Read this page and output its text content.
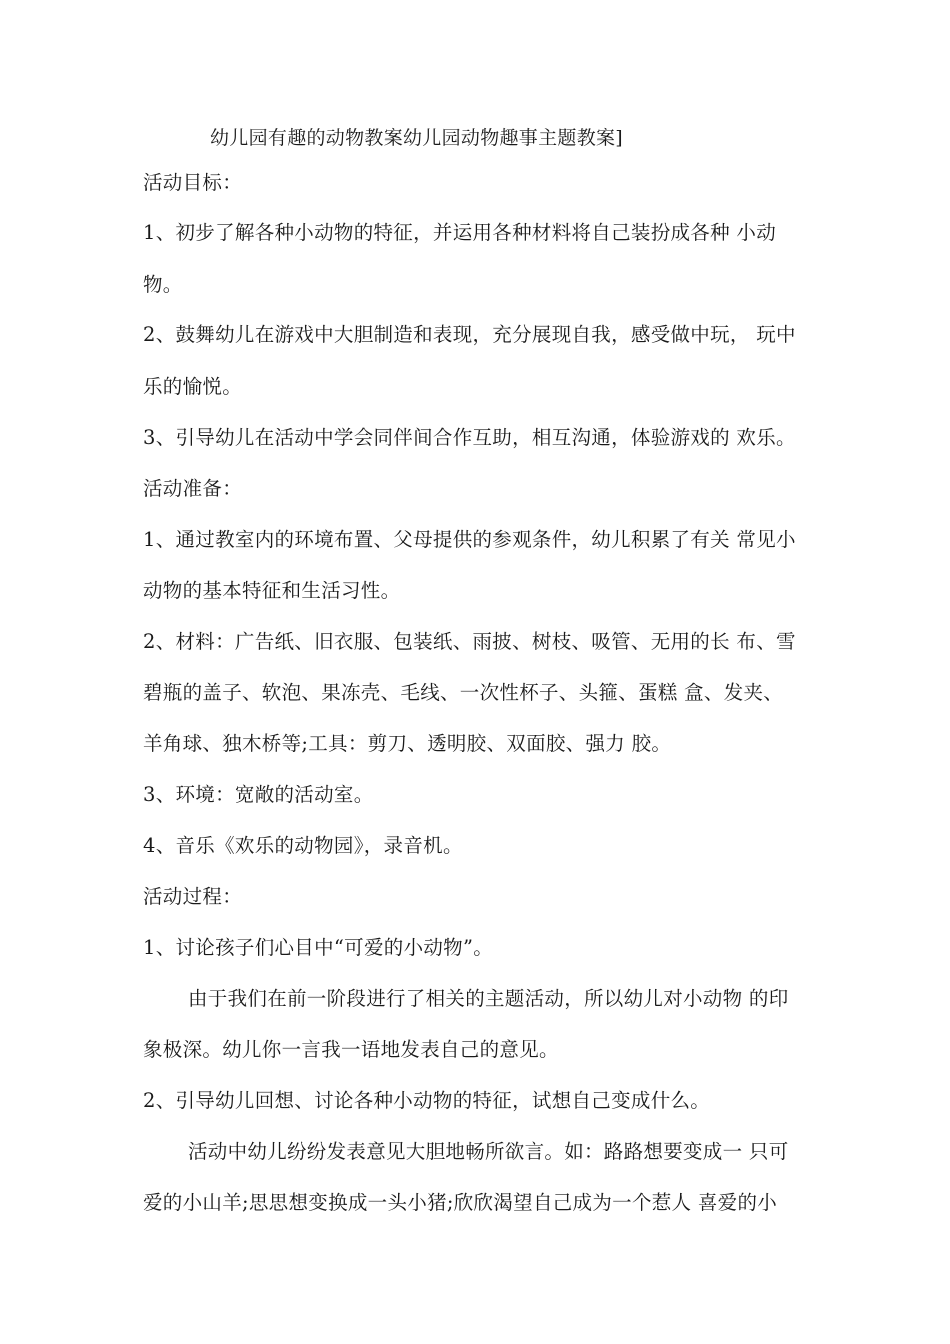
幼儿园有趣的动物教案幼儿园动物趣事主题教案]
活动目标：
1、初步了解各种小动物的特征，并运用各种材料将自己装扮成各种 小动
物。
2、鼓舞幼儿在游戏中大胆制造和表现，充分展现自我，感受做中玩， 玩中
乐的愉悦。
3、引导幼儿在活动中学会同伴间合作互助，相互沟通，体验游戏的 欢乐。
活动准备：
1、通过教室内的环境布置、父母提供的参观条件，幼儿积累了有关 常见小
动物的基本特征和生活习性。
2、材料：广告纸、旧衣服、包装纸、雨披、树枝、吸管、无用的长 布、雪
碧瓶的盖子、软泡、果冻壳、毛线、一次性杯子、头箍、蛋糕 盒、发夹、
羊角球、独木桥等;工具：剪刀、透明胶、双面胶、强力 胶。
3、环境：宽敞的活动室。
4、音乐《欢乐的动物园》，录音机。
活动过程：
1、讨论孩子们心目中“可爱的小动物”。
由于我们在前一阶段进行了相关的主题活动，所以幼儿对小动物 的印
象极深。幼儿你一言我一语地发表自己的意见。
2、引导幼儿回想、讨论各种小动物的特征，试想自己变成什么。
活动中幼儿纷纷发表意见大胆地畅所欲言。如：路路想要变成一 只可
爱的小山羊;思思想变换成一头小猪;欣欣渴望自己成为一个惹人 喜爱的小
